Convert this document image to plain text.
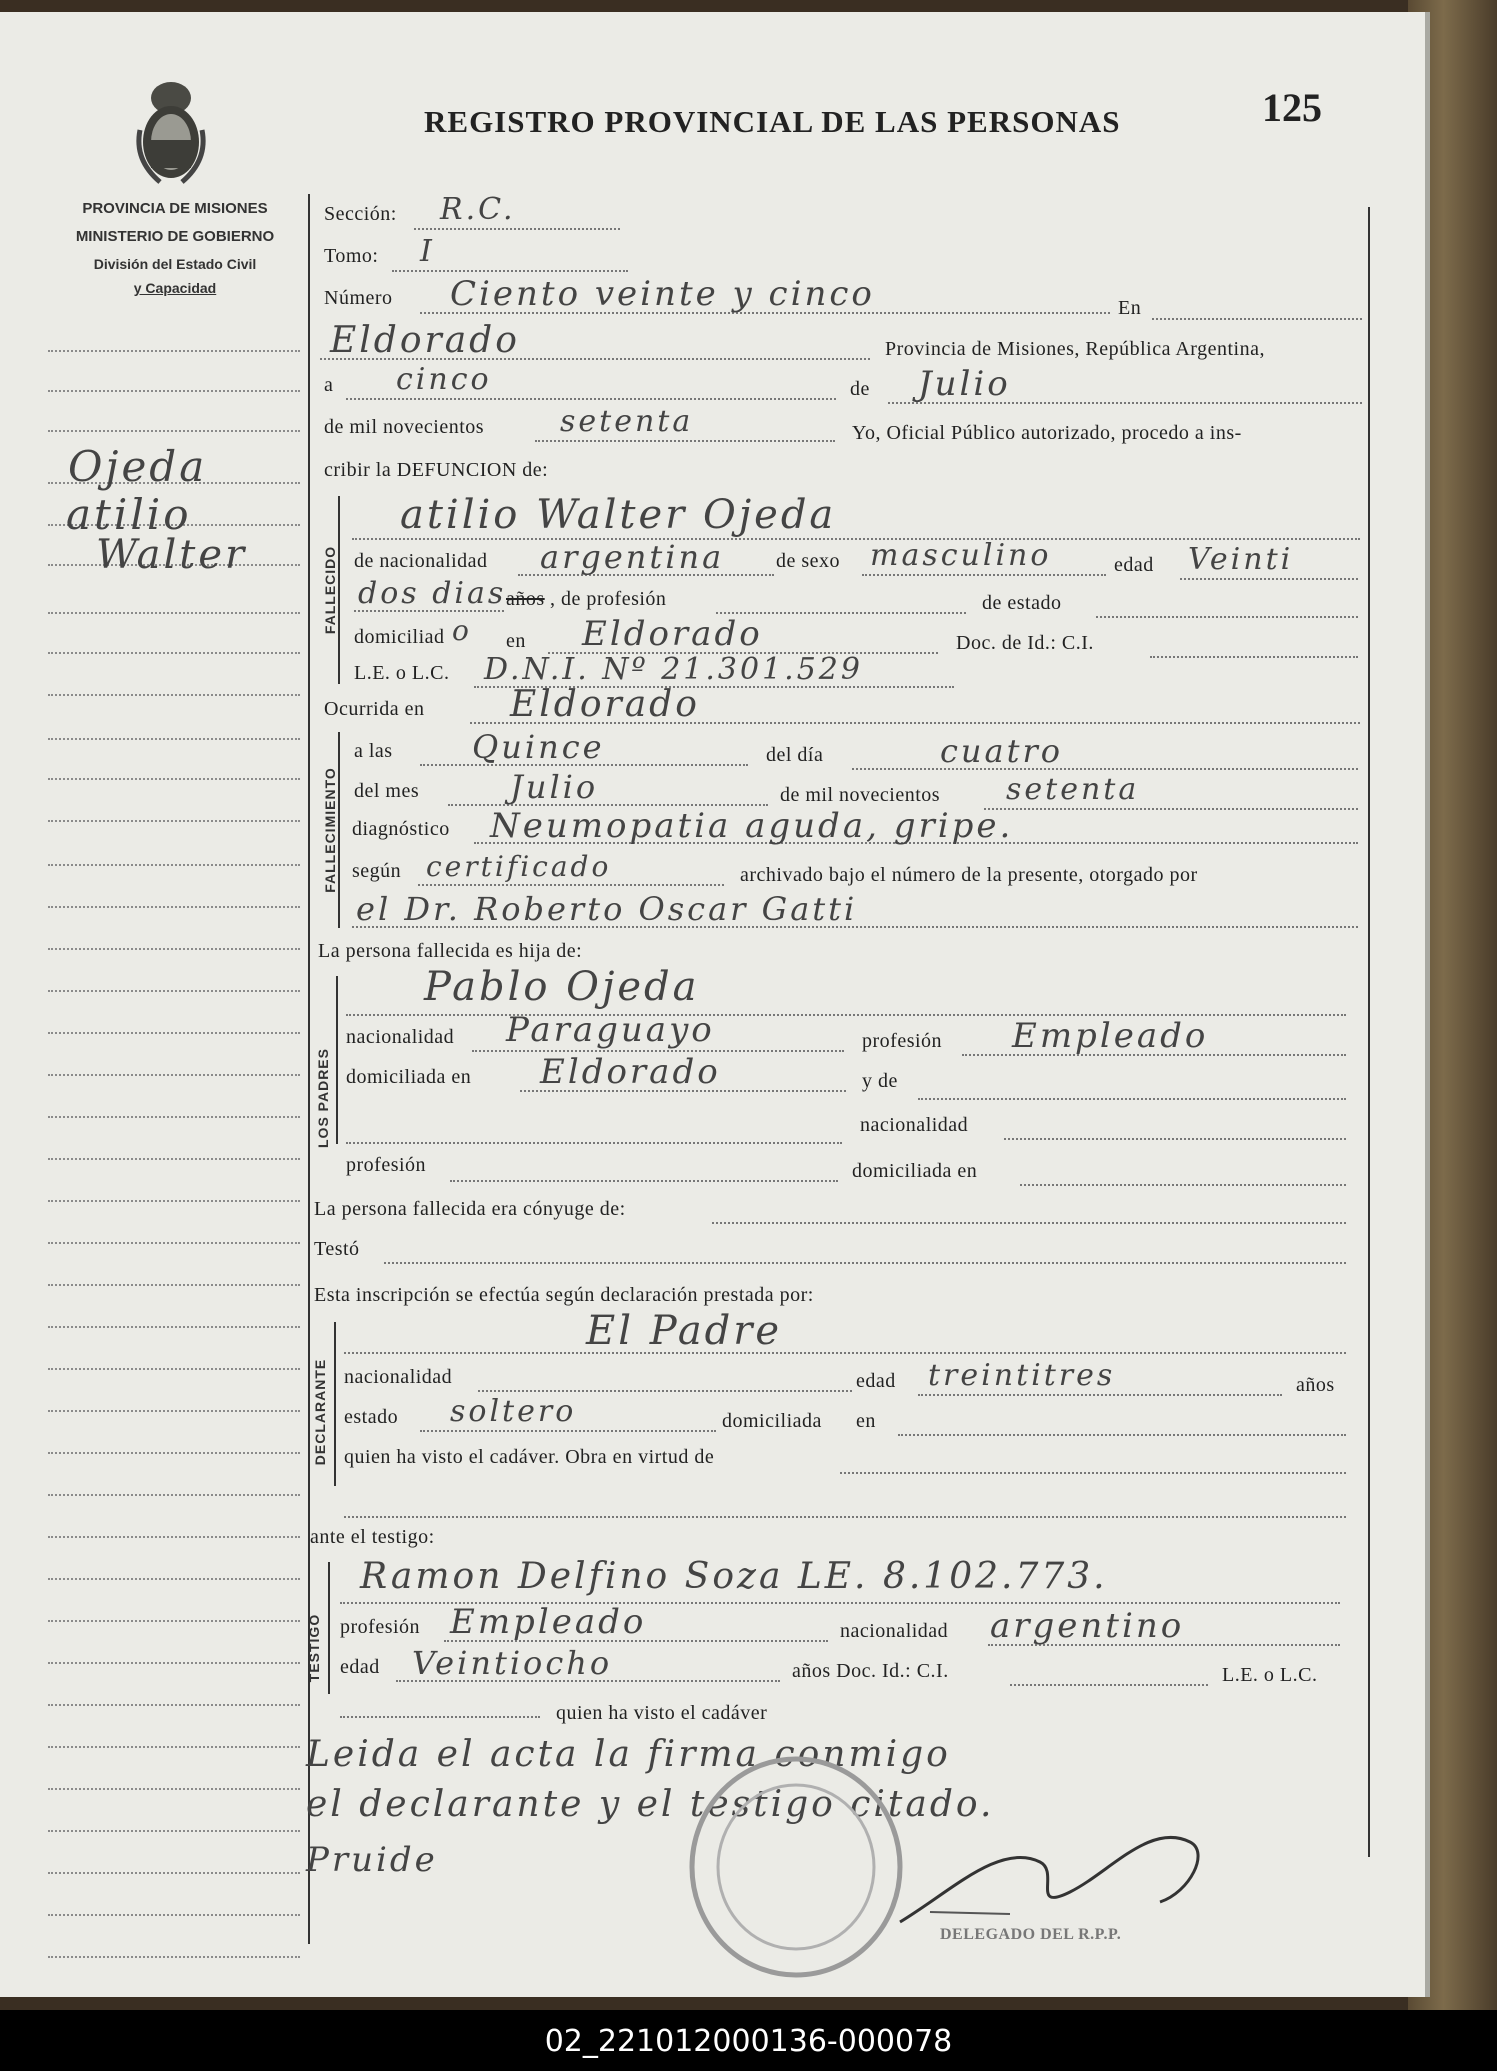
REGISTRO PROVINCIAL DE LAS PERSONAS	125
PROVINCIA DE MISIONES
MINISTERIO DE GOBIERNO
División del Estado Civil
y Capacidad
Ojeda
atilio
Walter
Sección: R.C.
Tomo: I
Número Ciento veinte y cinco	En
Eldorado	Provincia de Misiones, República Argentina,
a cinco	de Julio
de mil novecientos	setenta	Yo, Oficial Público autorizado, procedo a ins-
cribir la DEFUNCION de:
FALLECIDO
atilio Walter Ojeda
de nacionalidad argentina	de sexo masculino	edad Veinti
dos dias años , de profesión	de estado
domiciliad o en Eldorado	Doc. de Id.: C.I.
L.E. o L.C. D.N.I. Nº 21.301.529
Ocurrida en Eldorado
FALLECIMIENTO
a las Quince	del día	cuatro
del mes	Julio	de mil novecientos setenta
diagnóstico Neumopatia aguda, gripe.
según certificado	archivado bajo el número de la presente, otorgado por
el Dr. Roberto Oscar Gatti
La persona fallecida es hija de:
LOS PADRES
Pablo Ojeda
nacionalidad Paraguayo	profesión Empleado
domiciliada en Eldorado	y de
nacionalidad
profesión	domiciliada en
La persona fallecida era cónyuge de:
Testó
Esta inscripción se efectúa según declaración prestada por:
DECLARANTE
El Padre
nacionalidad	edad treintitres	años
estado soltero	domiciliada en
quien ha visto el cadáver. Obra en virtud de
ante el testigo:
TESTIGO
Ramon Delfino Soza LE. 8.102.773.
profesión Empleado	nacionalidad argentino
edad Veintiocho	años Doc. Id.: C.I.	L.E. o L.C.
quien ha visto el cadáver
Leida el acta la firma conmigo
el declarante y el testigo citado.
Pruide
DELEGADO DEL R.P.P.
02_221012000136-000078
